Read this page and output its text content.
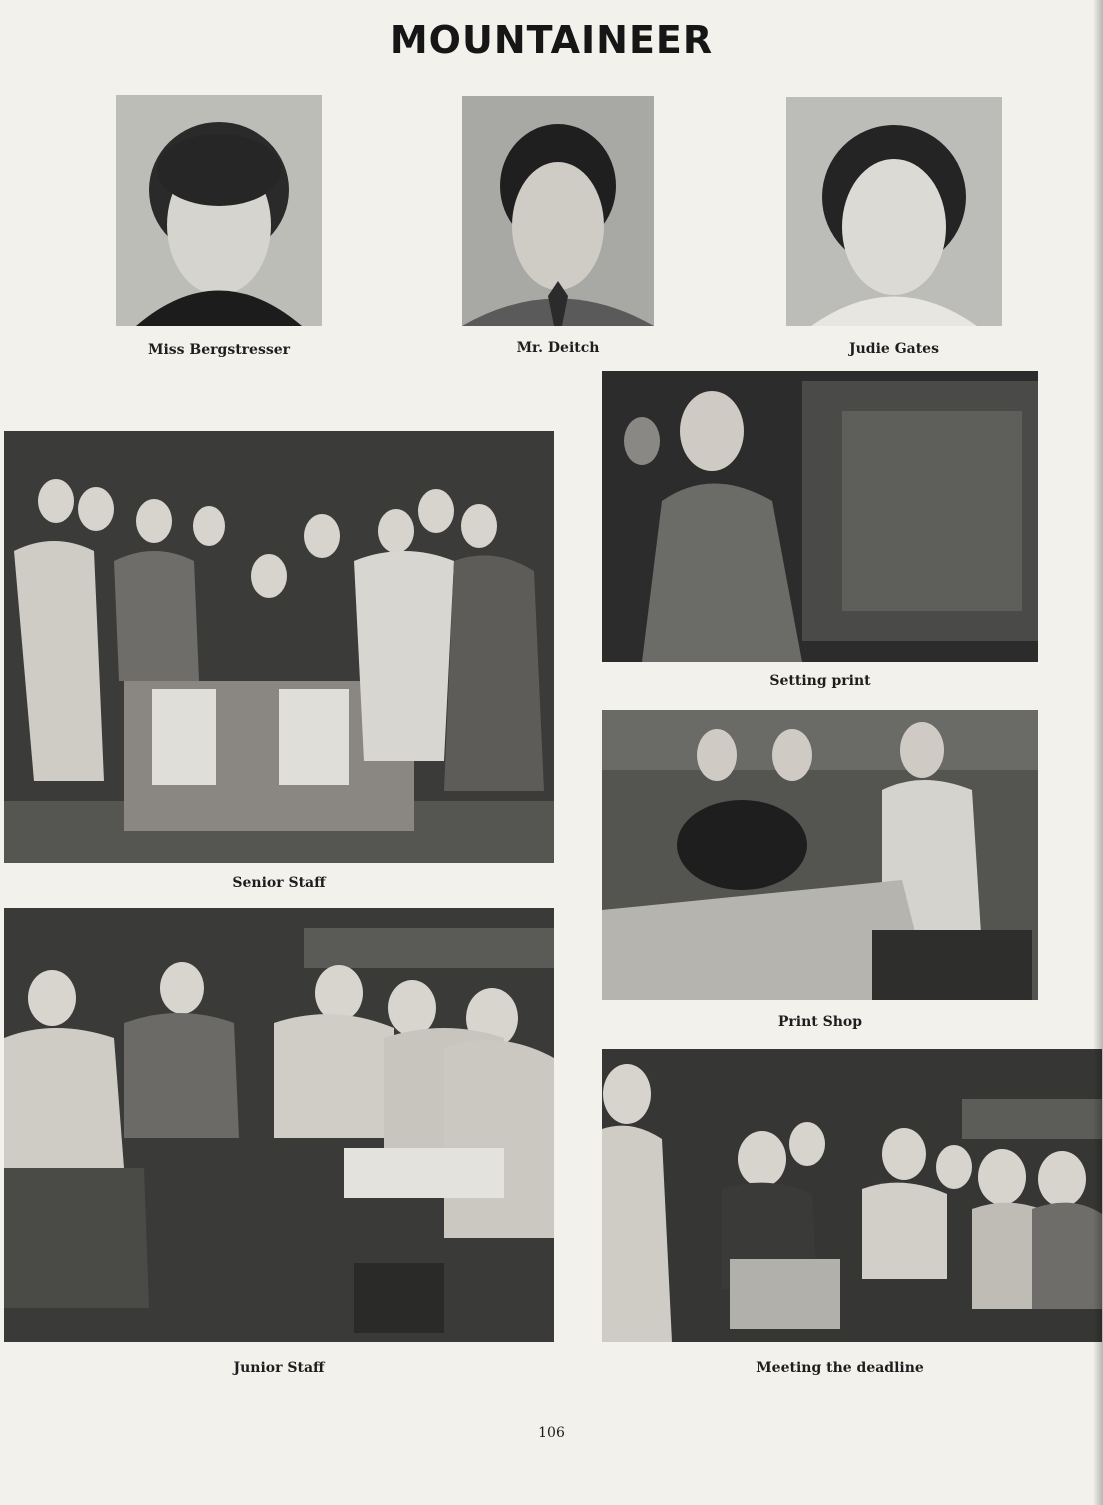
MOUNTAINEER
Miss Bergstresser	Mr. Deitch	Judie Gates
Setting print
Senior Staff
Print Shop
Junior Staff	Meeting the deadline
106
